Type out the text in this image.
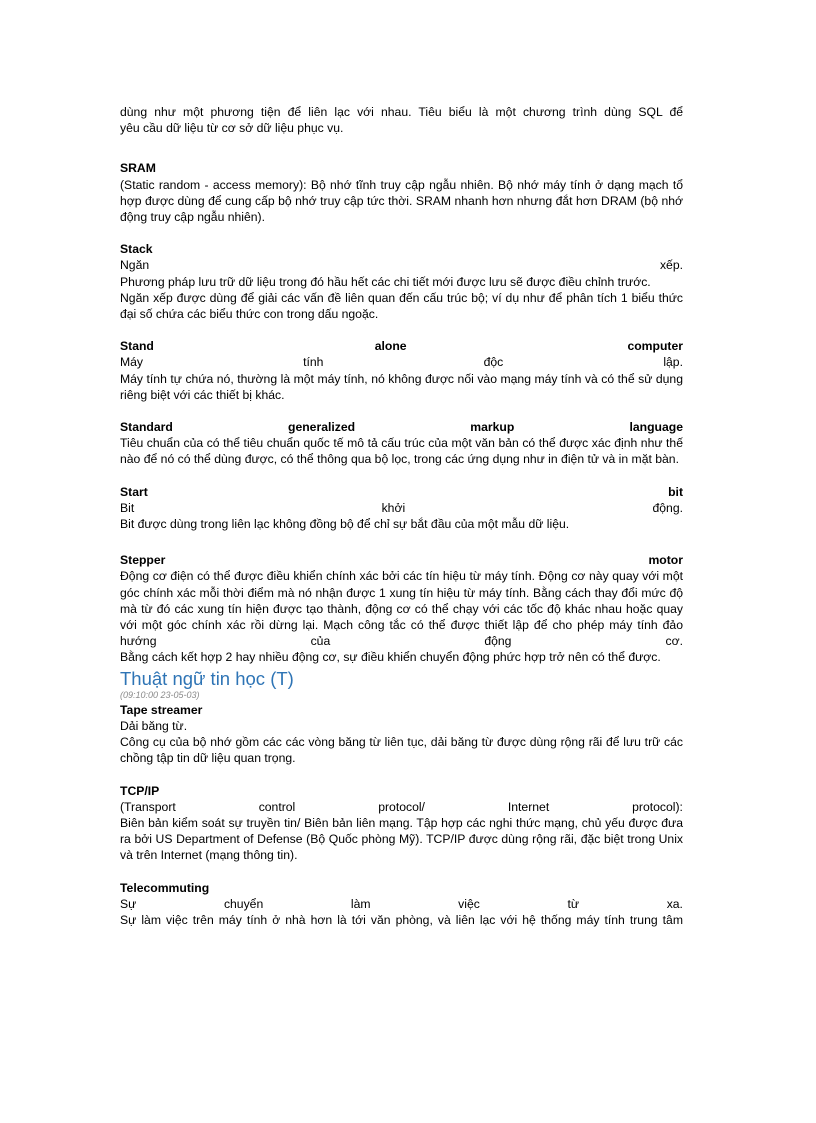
dùng như một phương tiện để liên lạc với nhau. Tiêu biểu là một chương trình dùng SQL để

yêu cầu dữ liệu từ cơ sở dữ liệu phục vụ.

SRAM

(Static random - access memory): Bộ nhớ tĩnh truy cập ngẫu nhiên. Bộ nhớ máy tính ở dạng mạch tổ hợp được dùng để cung cấp bộ nhớ truy cập tức thời. SRAM nhanh hơn nhưng đắt hơn DRAM (bộ nhớ động truy cập ngẫu nhiên).

Stack
Ngăn	xếp.

Phương pháp lưu trữ dữ liệu trong đó hầu hết các chi tiết mới được lưu sẽ được điều chỉnh trước.

Ngăn xếp được dùng để giải các vấn đề liên quan đến cấu trúc bộ; ví dụ như để phân tích 1 biểu thức đại số chứa các biểu thức con trong dấu ngoặc.

Stand	alone	computer
Máy	tính	độc	lập.

Máy tính tự chứa nó, thường là một máy tính, nó không được nối vào mạng máy tính và có thể sử dụng riêng biệt với các thiết bị khác.

Standard	generalized	markup	language

Tiêu chuẩn của có thể tiêu chuẩn quốc tế mô tả cấu trúc của một văn bản có thể được xác định như thế nào để nó có thể dùng được, có thể thông qua bộ lọc, trong các ứng dụng như in điện tử và in mặt bàn.

Start	bit
Bit	khởi	động.

Bit được dùng trong liên lạc không đồng bộ để chỉ sự bắt đầu của một mẫu dữ liệu.

Stepper	motor

Động cơ điện có thể được điều khiển chính xác bởi các tín hiệu từ máy tính. Động cơ này quay với một góc chính xác mỗi thời điểm mà nó nhận được 1 xung tín hiệu từ máy tính. Bằng cách thay đổi mức độ mà từ đó các xung tín hiện được tạo thành, động cơ có thể chạy với các tốc độ khác nhau hoặc quay với một góc chính xác rồi dừng lại. Mạch công tắc có thể được thiết lập để cho phép máy tính đảo hướng của động cơ.

Bằng cách kết hợp 2 hay nhiều động cơ, sự điều khiển chuyển động phức hợp trở nên có thể được.

Thuật ngữ tin học (T)
(09:10:00 23-05-03)
Tape streamer

Dải băng từ.

Công cụ của bộ nhớ gồm các các vòng băng từ liên tục, dải băng từ được dùng rộng rãi để lưu trữ các chồng tập tin dữ liệu quan trọng.

TCP/IP
(Transport	control	protocol/	Internet	protocol):

Biên bản kiểm soát sự truyền tin/ Biên bản liên mạng. Tập hợp các nghi thức mạng, chủ yếu được đưa ra bởi US Department of Defense (Bộ Quốc phòng Mỹ). TCP/IP được dùng rộng rãi, đặc biệt trong Unix và trên Internet (mạng thông tin).

Telecommuting
Sự	chuyển	làm	việc	từ	xa.

Sự làm việc trên máy tính ở nhà hơn là tới văn phòng, và liên lạc với hệ thống máy tính trung tâm
